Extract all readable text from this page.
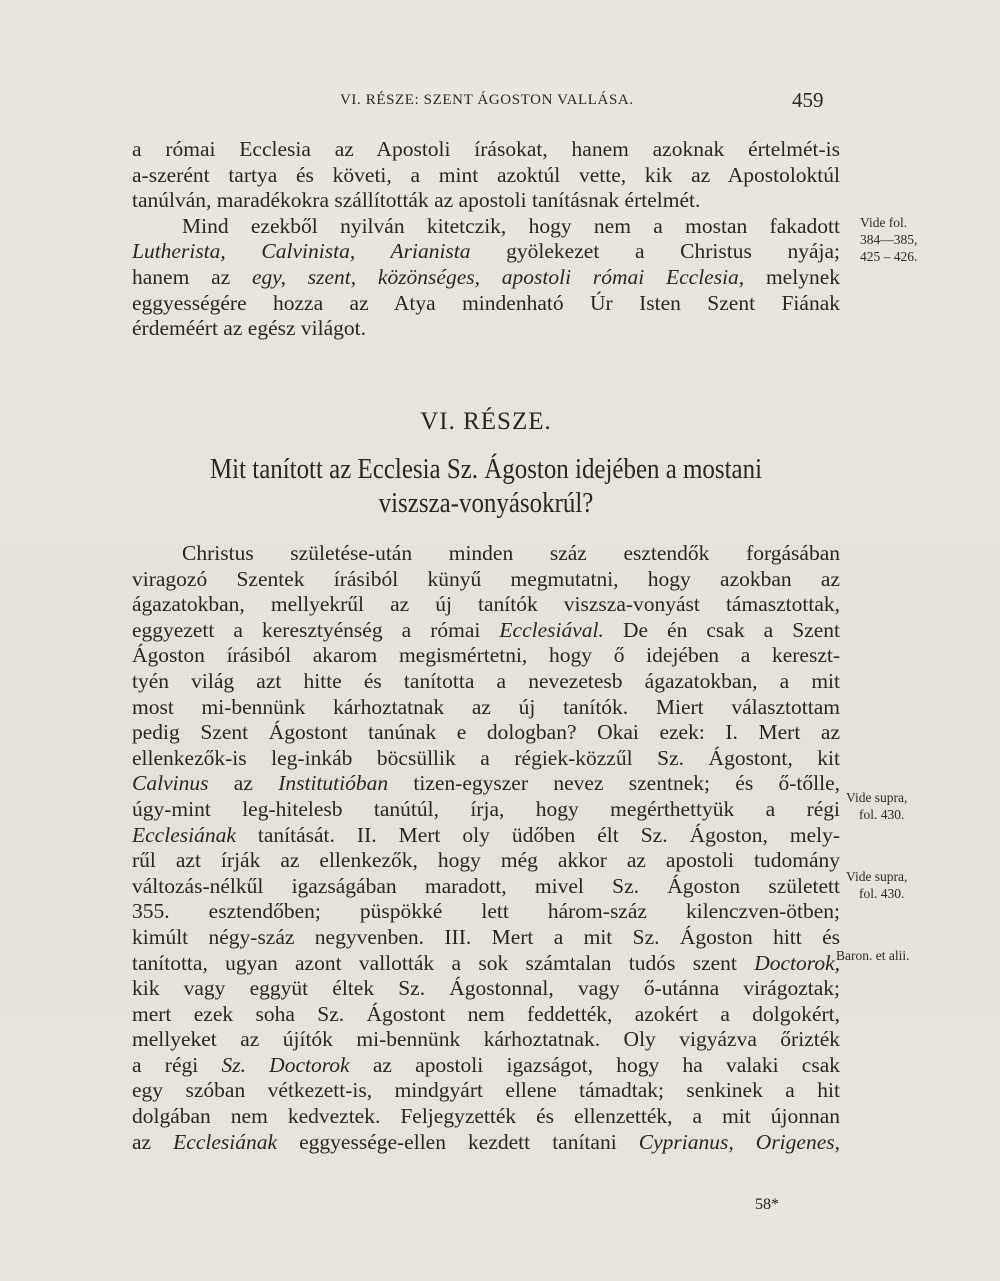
VI. RÉSZE: SZENT ÁGOSTON VALLÁSA.	459
a római Ecclesia az Apostoli írásokat, hanem azoknak értelmét-is
a-szerént tartya és követi, a mint azoktúl vette, kik az Apostoloktúl
tanúlván, maradékokra szállították az apostoli tanításnak értelmét.
Mind ezekből nyilván kitetczik, hogy nem a mostan fakadott
Lutherista, Calvinista, Arianista gyölekezet a Christus nyája;
hanem az egy, szent, közönséges, apostoli római Ecclesia, melynek
eggyességére hozza az Atya mindenható Úr Isten Szent Fiának
érdeméért az egész világot.
VI. RÉSZE.
Mit tanított az Ecclesia Sz. Ágoston idejében a mostani
viszsza-vonyásokrúl?
Christus születése-után minden száz esztendők forgásában
viragozó Szentek írásiból künyű megmutatni, hogy azokban az
ágazatokban, mellyekrűl az új tanítók viszsza-vonyást támasztottak,
eggyezett a keresztyénség a római Ecclesiával. De én csak a Szent
Ágoston írásiból akarom megismértetni, hogy ő idejében a kereszt-
tyén világ azt hitte és tanította a nevezetesb ágazatokban, a mit
most mi-bennünk kárhoztatnak az új tanítók. Miert választottam
pedig Szent Ágostont tanúnak e dologban? Okai ezek: I. Mert az
ellenkezők-is leg-inkáb böcsüllik a régiek-közzűl Sz. Ágostont, kit
Calvinus az Institutióban tizen-egyszer nevez szentnek; és ő-tőlle,
úgy-mint leg-hitelesb tanútúl, írja, hogy megérthettyük a régi
Ecclesiának tanítását. II. Mert oly üdőben élt Sz. Ágoston, mely-
rűl azt írják az ellenkezők, hogy még akkor az apostoli tudomány
változás-nélkűl igazságában maradott, mivel Sz. Ágoston született
355. esztendőben; püspökké lett három-száz kilenczven-ötben;
kimúlt négy-száz negyvenben. III. Mert a mit Sz. Ágoston hitt és
tanította, ugyan azont vallották a sok számtalan tudós szent Doctorok,
kik vagy eggyüt éltek Sz. Ágostonnal, vagy ő-utánna virágoztak;
mert ezek soha Sz. Ágostont nem feddették, azokért a dolgokért,
mellyeket az újítók mi-bennünk kárhoztatnak. Oly vigyázva őrizték
a régi Sz. Doctorok az apostoli igazságot, hogy ha valaki csak
egy szóban vétkezett-is, mindgyárt ellene támadtak; senkinek a hit
dolgában nem kedveztek. Feljegyzették és ellenzették, a mit újonnan
az Ecclesiának eggyessége-ellen kezdett tanítani Cyprianus, Origenes,
Vide fol.
384—385,
425 – 426.
Vide supra,
fol. 430.
Vide supra,
fol. 430.
Baron. et alii.
58*
